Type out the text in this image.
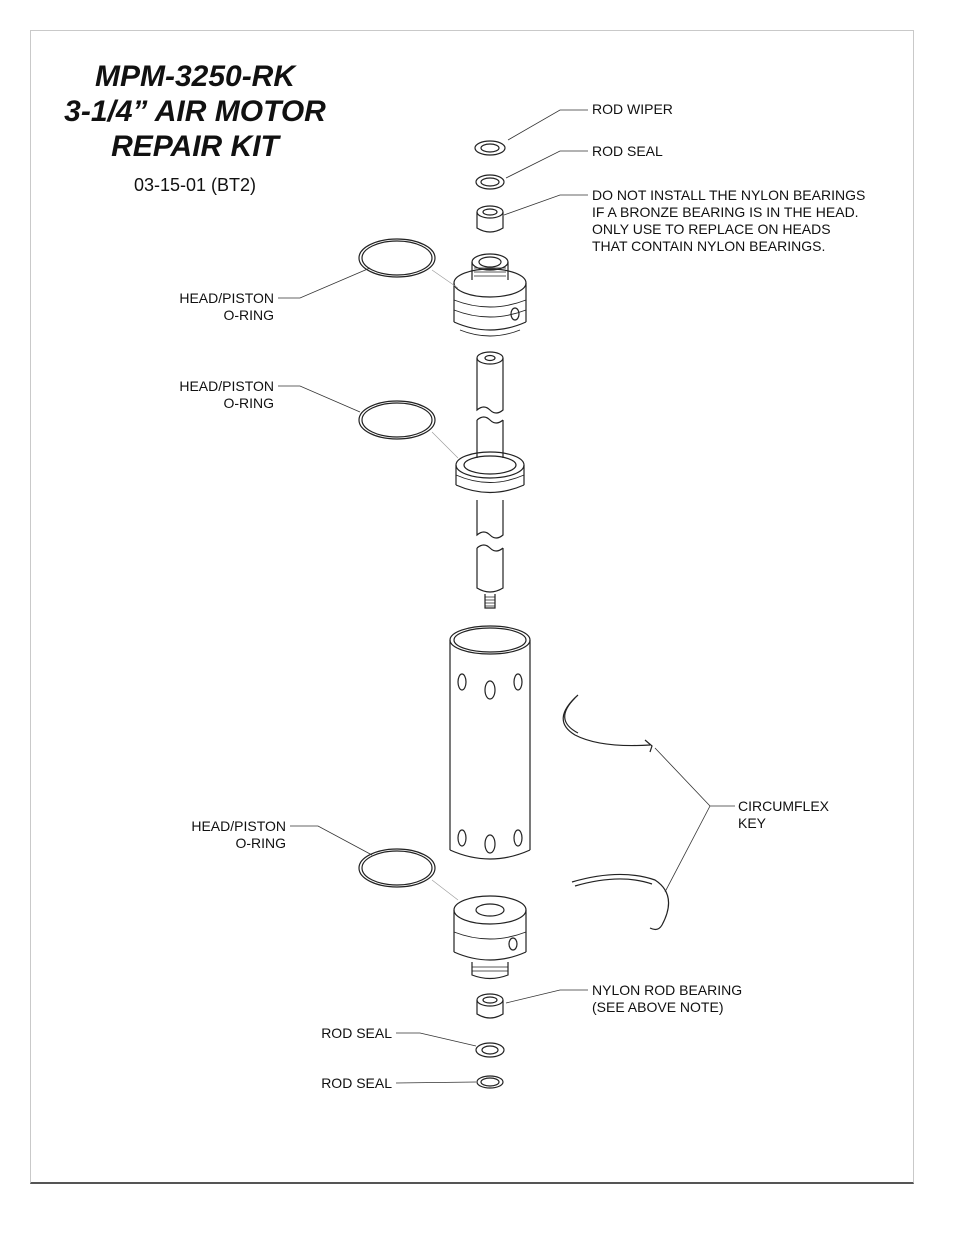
MPM-3250-RK
3-1/4” AIR MOTOR
REPAIR KIT
03-15-01 (BT2)
ROD WIPER
ROD SEAL
DO NOT INSTALL THE NYLON BEARINGS
IF A BRONZE BEARING IS IN THE HEAD.
ONLY USE TO REPLACE ON HEADS
THAT CONTAIN NYLON BEARINGS.
HEAD/PISTON
O-RING
HEAD/PISTON
O-RING
HEAD/PISTON
O-RING
CIRCUMFLEX
KEY
NYLON ROD BEARING
(SEE ABOVE NOTE)
ROD SEAL
ROD SEAL
